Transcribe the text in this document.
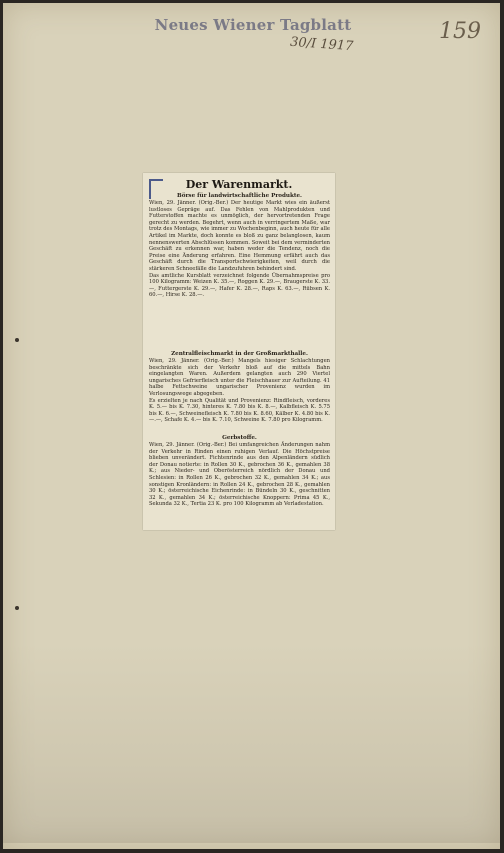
Neues Wiener Tagblatt
30/I 1917
159
Der Warenmarkt.
Börse für landwirtschaftliche Produkte.

Wien, 29. Jänner. (Orig.-Ber.) Der heutige Markt wies ein äußerst lustloses Gepräge auf. Das Fehlen von Mahlprodukten und Futterstoffen machte es unmöglich, der hervortretenden Frage gerecht zu werden. Begehrt, wenn auch in verringertem Maße, war trotz des Montags, wie immer zu Wochenbeginn, auch heute für alle Artikel im Markte, doch konnte es bloß zu ganz belanglosen, kaum nennenswerten Abschlüssen kommen. Soweit bei dem verminderten Geschäft zu erkennen war, haben weder die Tendenz, noch die Preise eine Änderung erfahren. Eine Hemmung erfährt auch das Geschäft durch die Transportschwierigkeiten, weil durch die stärkeren Schneefälle die Landzufuhren behindert sind.

Das amtliche Kursblatt verzeichnet folgende Übernahmspreise pro 100 Kilogramm: Weizen K. 35.—, Roggen K. 29.—, Braugerste K. 33.—, Futtergerste K. 29.—, Hafer K. 28.—, Raps K. 63.—, Rübsen K. 60.—, Hirse K. 28.—.

Zentralfleischmarkt in der Großmarkthalle.

Wien, 29. Jänner. (Orig.-Ber.) Mangels hiesiger Schlachtungen beschränkte sich der Verkehr bloß auf die mittels Bahn eingelangten Waren. Außerdem gelangten auch 290 Viertel ungarisches Gefrierfleisch unter die Fleischhauer zur Aufteilung. 41 halbe Fettschweine ungarischer Provenienz wurden im Verlosungswege abgegeben.

Es erzielten je nach Qualität und Provenienz: Rindfleisch, vorderes K. 5.— bis K. 7.30, hinteres K. 7.80 bis K. 8.—, Kalbfleisch K. 5.75 bis K. 6.—, Schweinefleisch K. 7.80 bis K. 8.60, Kälber K. 4.80 bis K. —.—, Schafe K. 4.— bis K. 7.10, Schweine K. 7.80 pro Kilogramm.

Gerbstoffe.

Wien, 29. Jänner. (Orig.-Ber.) Bei umfangreichen Änderungen nahm der Verkehr in Rinden einen ruhigen Verlauf. Die Höchstpreise blieben unverändert. Fichtenrinde aus den Alpenländern südlich der Donau notierte: in Rollen 30 K., gebrochen 36 K., gemahlen 38 K.; aus Nieder- und Oberösterreich nördlich der Donau und Schlesien: in Rollen 26 K., gebrochen 32 K., gemahlen 34 K.; aus sonstigen Kronländern: in Rollen 24 K., gebrochen 28 K., gemahlen 30 K.; österreichische Eichenrinde: in Bündeln 30 K., geschnitten 32 K., gemahlen 34 K.; österreichische Knoppern: Prima 45 K., Sekunda 32 K., Tertia 23 K. pro 100 Kilogramm ab Verladestation.
